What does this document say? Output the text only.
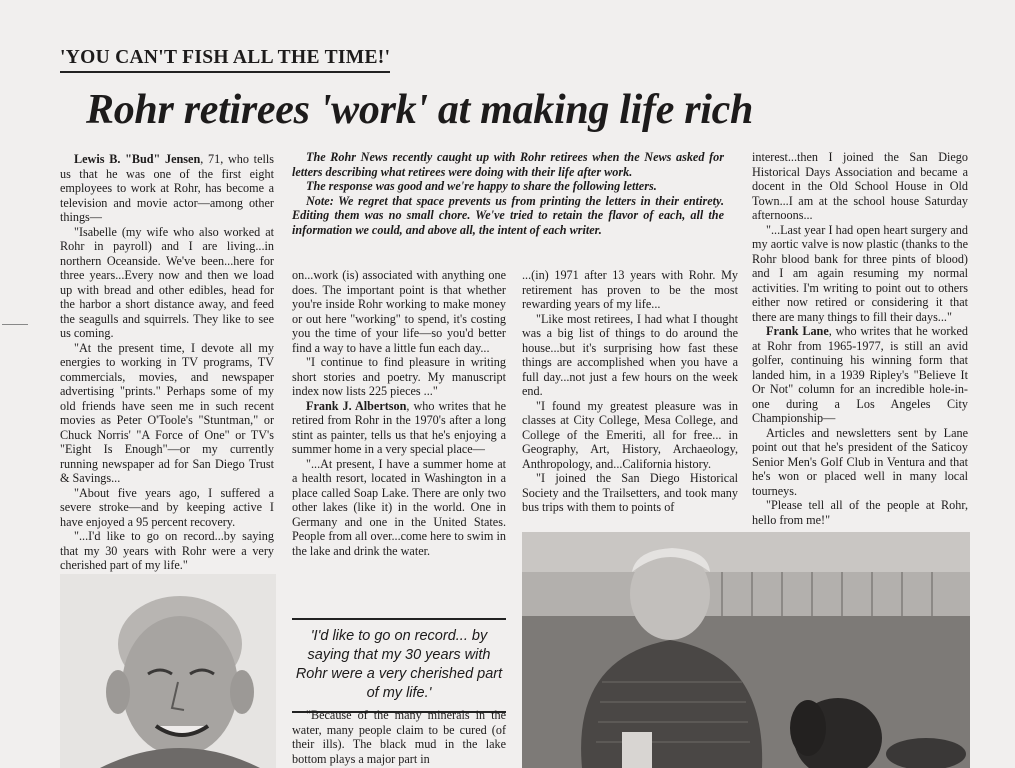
'YOU CAN'T FISH ALL THE TIME!'
Rohr retirees 'work' at making life rich

Lewis B. "Bud" Jensen, 71, who tells us that he was one of the first eight employees to work at Rohr, has become a television and movie actor—among other things—

"Isabelle (my wife who also worked at Rohr in payroll) and I are living...in northern Oceanside. We've been...here for three years...Every now and then we load up with bread and other edibles, head for the harbor a short distance away, and feed the seagulls and squirrels. They like to see us coming.

"At the present time, I devote all my energies to working in TV programs, TV commercials, movies, and newspaper advertising "prints." Perhaps some of my old friends have seen me in such recent movies as Peter O'Toole's "Stuntman," or Chuck Norris' "A Force of One" or TV's "Eight Is Enough"—or my currently running newspaper ad for San Diego Trust & Savings...

"About five years ago, I suffered a severe stroke—and by keeping active I have enjoyed a 95 percent recovery.

"...I'd like to go on record...by saying that my 30 years with Rohr were a very cherished part of my life."

The Rohr News recently caught up with Rohr retirees when the News asked for letters describing what retirees were doing with their life after work.

The response was good and we're happy to share the following letters.

Note: We regret that space prevents us from printing the letters in their entirety. Editing them was no small chore. We've tried to retain the flavor of each, all the information we could, and above all, the intent of each writer.

on...work (is) associated with anything one does. The important point is that whether you're inside Rohr working to make money or out here "working" to spend, it's costing you the time of your life—so you'd better find a way to have a little fun each day...

"I continue to find pleasure in writing short stories and poetry. My manuscript index now lists 225 pieces ..."

Frank J. Albertson, who writes that he retired from Rohr in the 1970's after a long stint as painter, tells us that he's enjoying a summer home in a very special place—

"...At present, I have a summer home at a health resort, located in Washington in a place called Soap Lake. There are only two other lakes (like it) in the world. One in Germany and one in the United States. People from all over...come here to swim in the lake and drink the water.

'I'd like to go on record... by saying that my 30 years with Rohr were a very cherished part of my life.'

"Because of the many minerals in the water, many people claim to be cured (of their ills). The black mud in the lake bottom plays a major part in

...(in) 1971 after 13 years with Rohr. My retirement has proven to be the most rewarding years of my life...

"Like most retirees, I had what I thought was a big list of things to do around the house...but it's surprising how fast these things are accomplished when you have a full day...not just a few hours on the week end.

"I found my greatest pleasure was in classes at City College, Mesa College, and College of the Emeriti, all for free... in Geography, Art, History, Archaeology, Anthropology, and...California history.

"I joined the San Diego Historical Society and the Trailsetters, and took many bus trips with them to points of

interest...then I joined the San Diego Historical Days Association and became a docent in the Old School House in Old Town...I am at the school house Saturday afternoons...

"...Last year I had open heart surgery and my aortic valve is now plastic (thanks to the Rohr blood bank for three pints of blood) and I am again resuming my normal activities. I'm writing to point out to others either now retired or considering it that there are many things to fill their days..."

Frank Lane, who writes that he worked at Rohr from 1965-1977, is still an avid golfer, continuing his winning form that landed him, in a 1939 Ripley's "Believe It Or Not" column for an incredible hole-in-one during a Los Angeles City Championship—

Articles and newsletters sent by Lane point out that he's president of the Saticoy Senior Men's Golf Club in Ventura and that he's won or placed well in many local tourneys.

"Please tell all of the people at Rohr, hello from me!"
